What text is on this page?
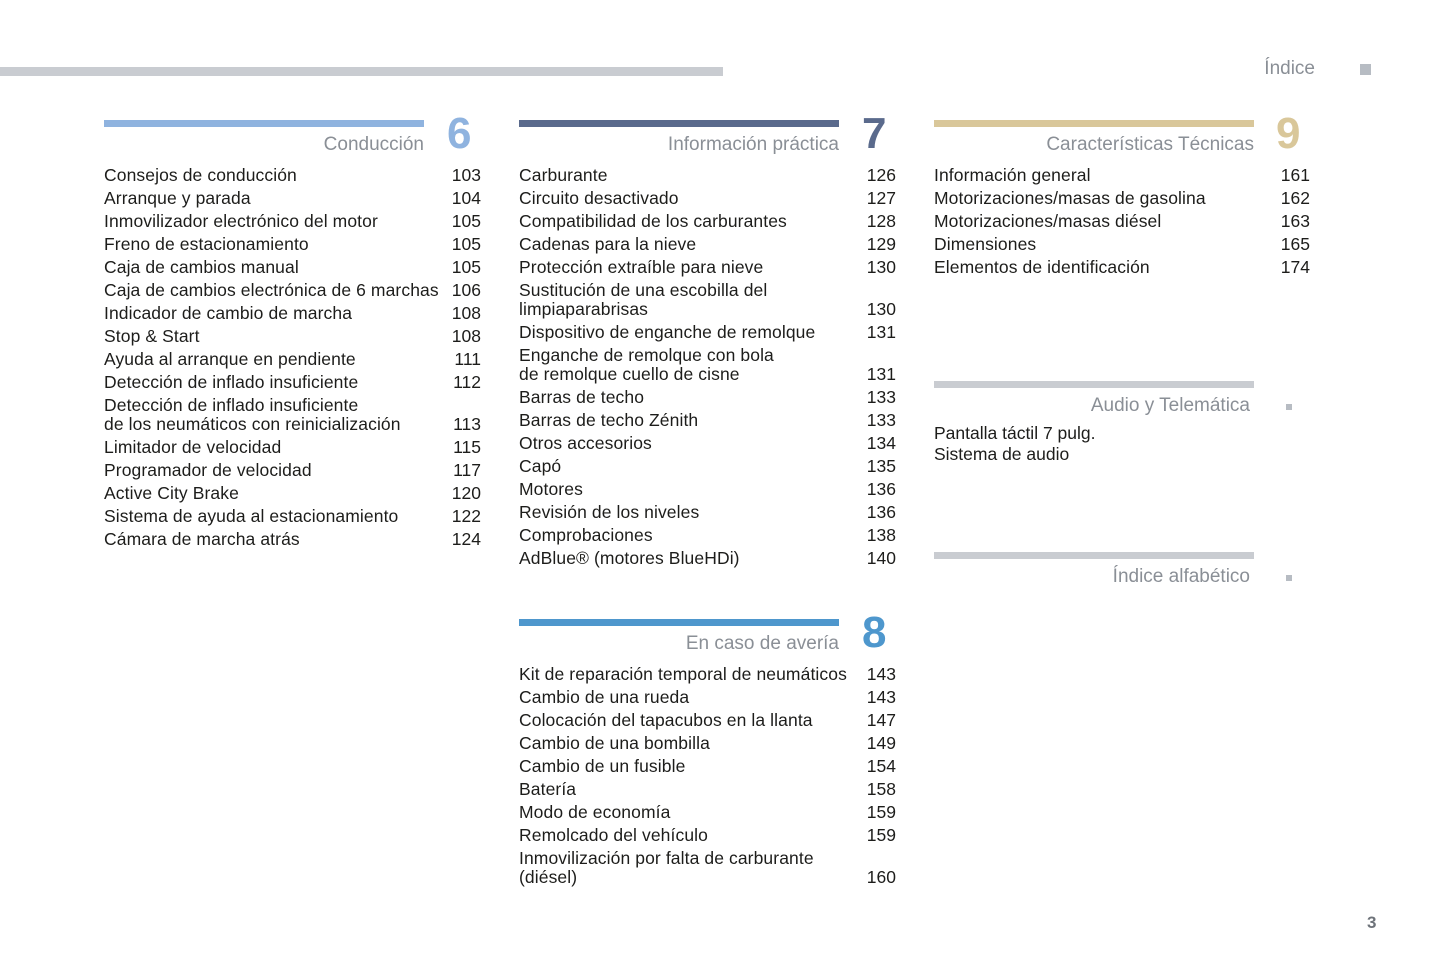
Índice
Conducción 6
Consejos de conducción	103
Arranque y parada	104
Inmovilizador electrónico del motor	105
Freno de estacionamiento	105
Caja de cambios manual	105
Caja de cambios electrónica de 6 marchas 106
Indicador de cambio de marcha	108
Stop & Start	108
Ayuda al arranque en pendiente	111
Detección de inflado insuficiente	112
Detección de inflado insuficiente
de los neumáticos con reinicialización	113
Limitador de velocidad	115
Programador de velocidad	117
Active City Brake	120
Sistema de ayuda al estacionamiento	122
Cámara de marcha atrás	124
Información práctica 7
Carburante	126
Circuito desactivado	127
Compatibilidad de los carburantes	128
Cadenas para la nieve	129
Protección extraíble para nieve	130
Sustitución de una escobilla del
limpiaparabrisas	130
Dispositivo de enganche de remolque	131
Enganche de remolque con bola
de remolque cuello de cisne	131
Barras de techo	133
Barras de techo Zénith	133
Otros accesorios	134
Capó	135
Motores	136
Revisión de los niveles	136
Comprobaciones	138
AdBlue® (motores BlueHDi)	140
En caso de avería 8
Kit de reparación temporal de neumáticos	143
Cambio de una rueda	143
Colocación del tapacubos en la llanta	147
Cambio de una bombilla	149
Cambio de un fusible	154
Batería	158
Modo de economía	159
Remolcado del vehículo	159
Inmovilización por falta de carburante
(diésel)	160
Características Técnicas 9
Información general	161
Motorizaciones/masas de gasolina	162
Motorizaciones/masas diésel	163
Dimensiones	165
Elementos de identificación	174
Audio y Telemática
Pantalla táctil 7 pulg.
Sistema de audio
Índice alfabético
3
